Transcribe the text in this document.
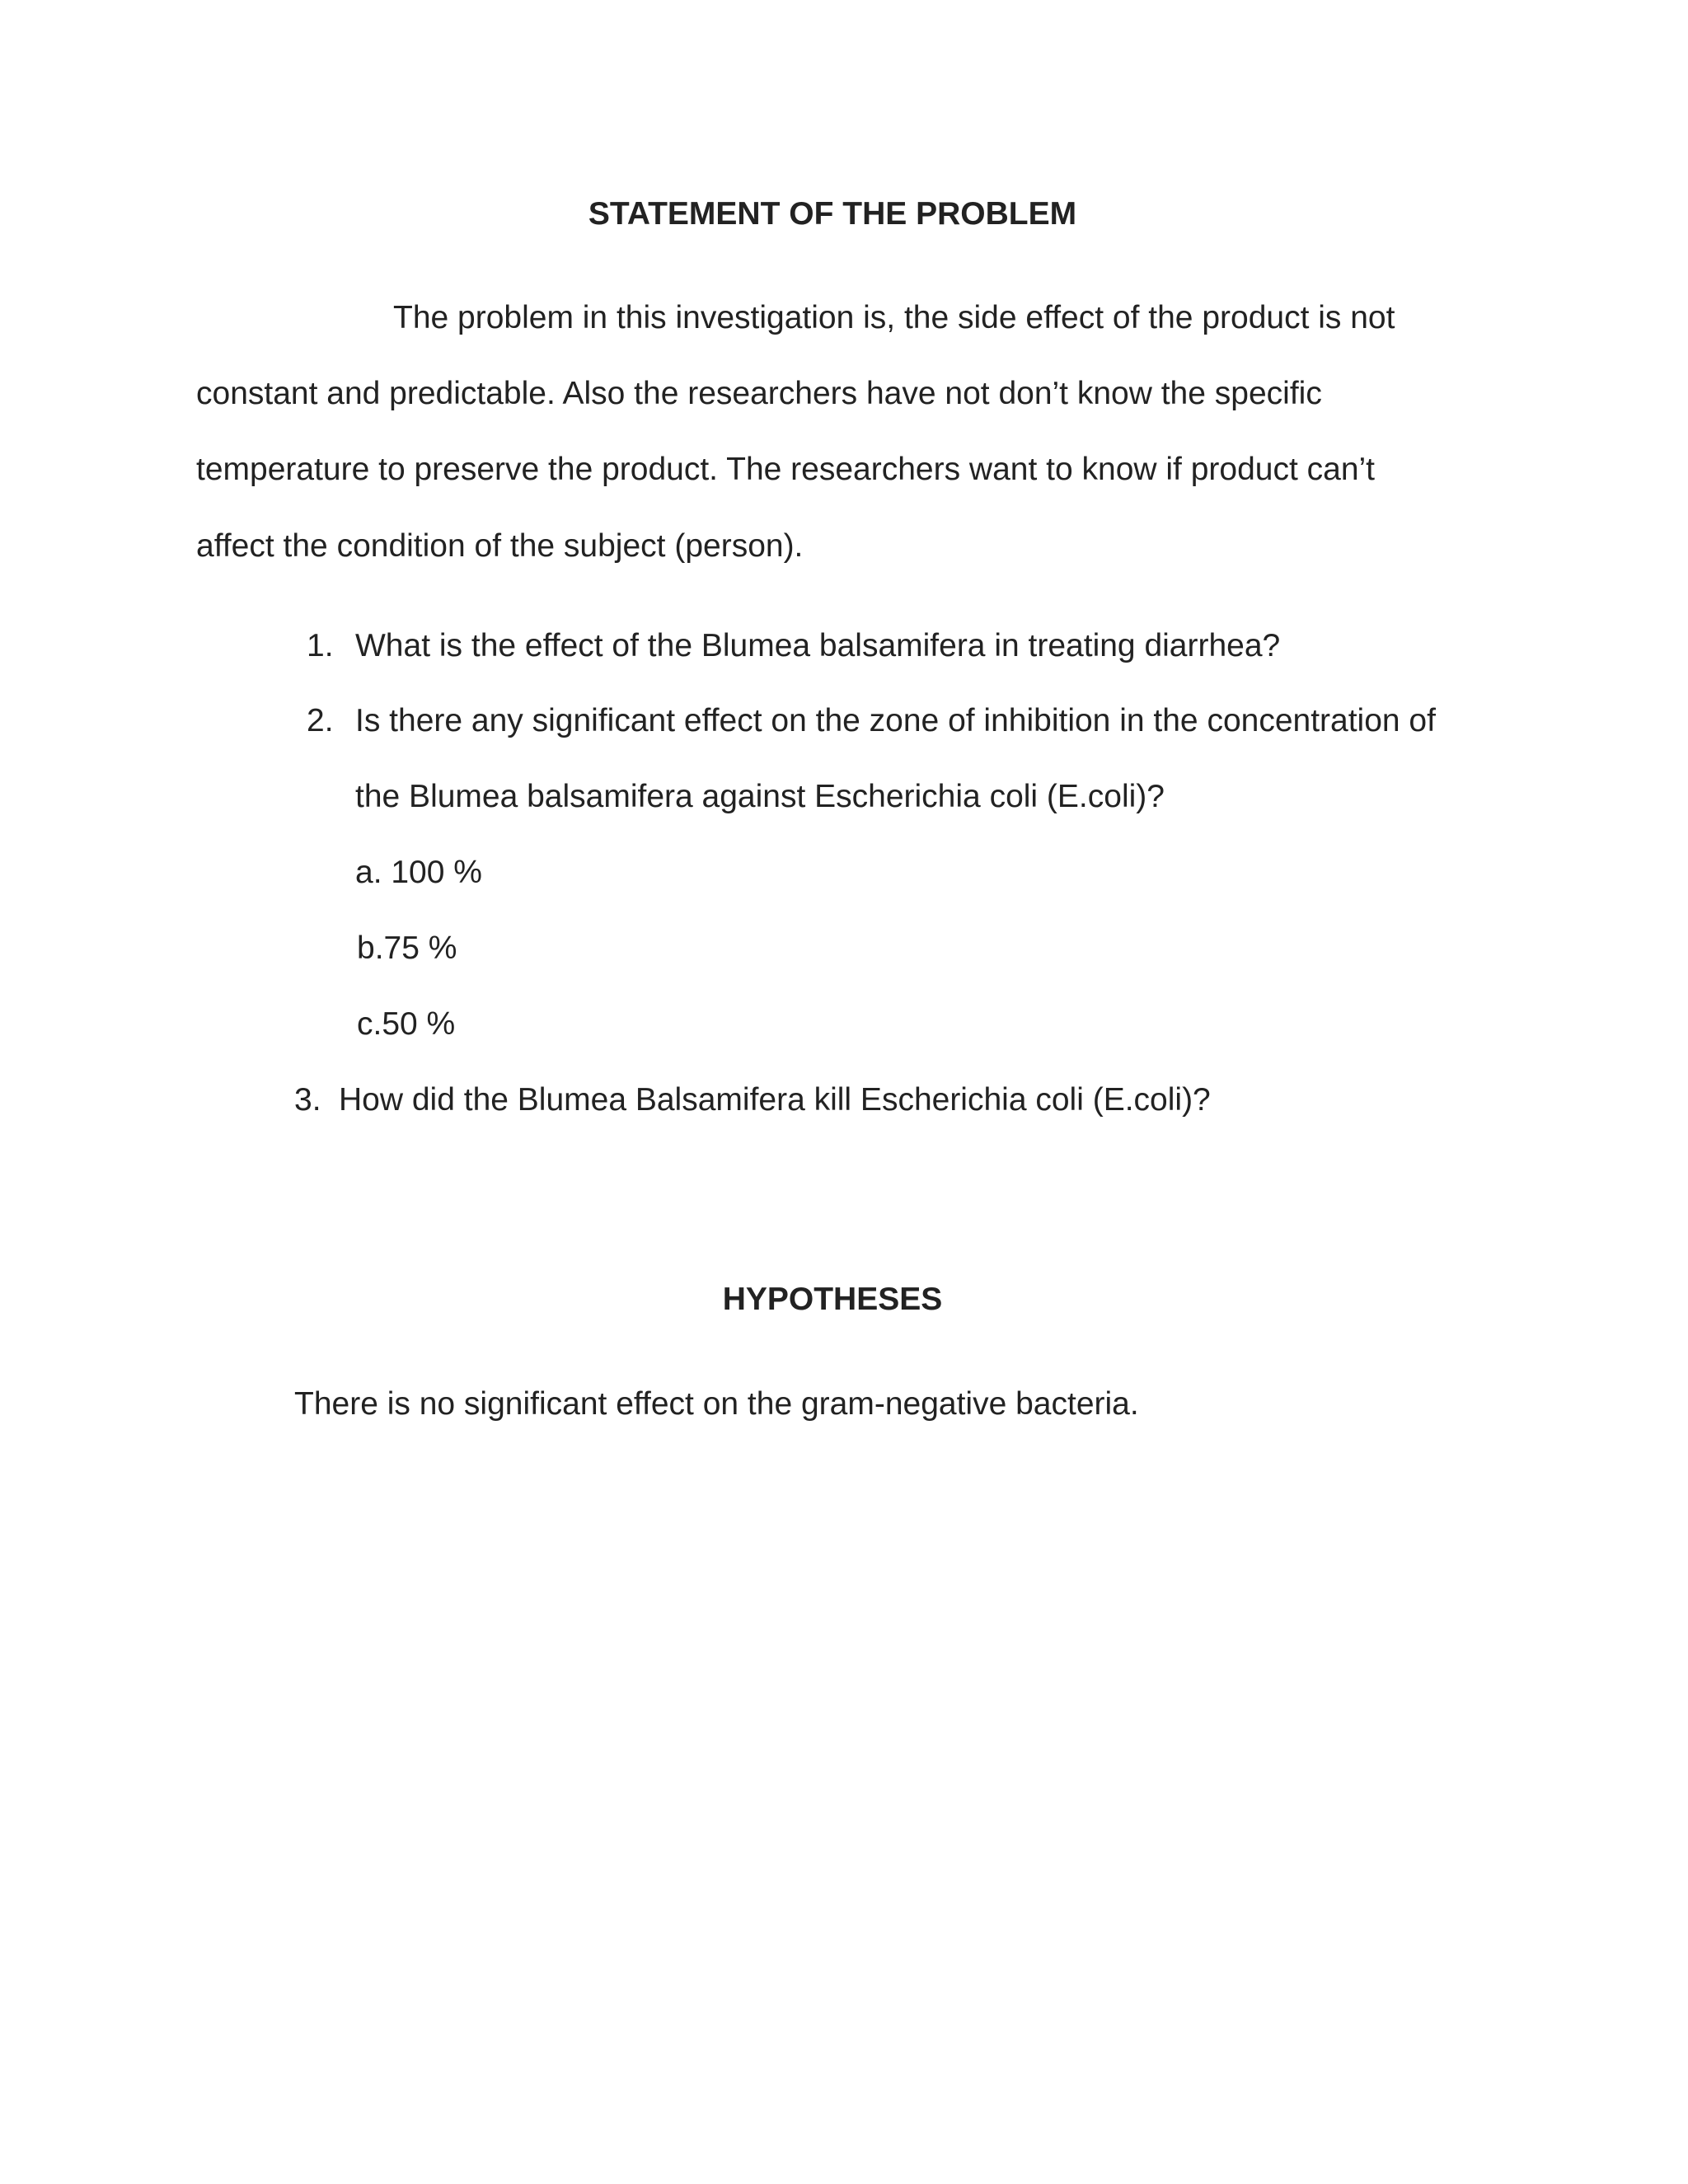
STATEMENT OF THE PROBLEM

The problem in this investigation is, the side effect of the product is not

constant and predictable. Also the researchers have not don’t know the specific

temperature to preserve the product. The researchers want to know if product can’t

affect the condition of the subject (person).

1. What is the effect of the Blumea balsamifera in treating diarrhea?
2. Is there any significant effect on the zone of inhibition in the concentration of
the Blumea balsamifera against Escherichia coli (E.coli)?
a. 100 %
b.75 %
c.50 %
3. How did the Blumea Balsamifera kill Escherichia coli (E.coli)?
HYPOTHESES

There is no significant effect on the gram-negative bacteria.
